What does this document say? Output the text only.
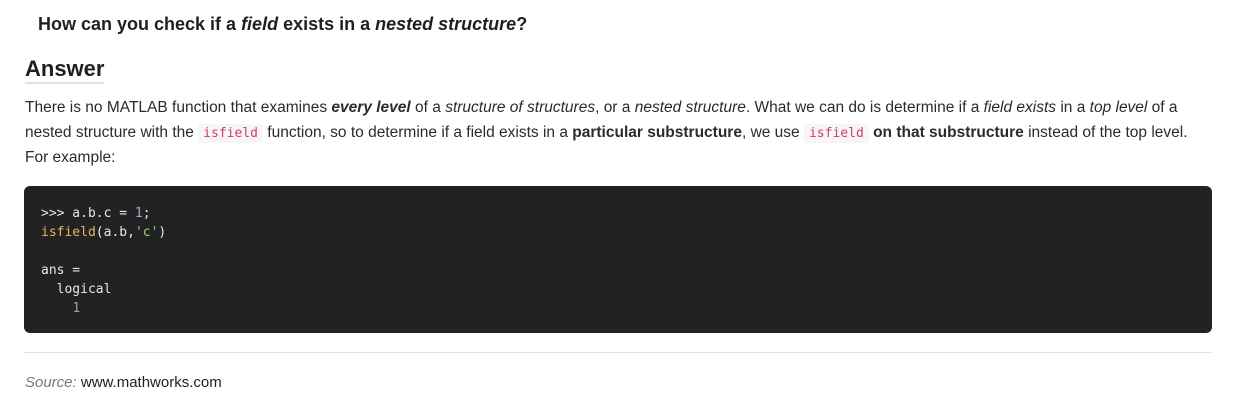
How can you check if a field exists in a nested structure?
Answer

There is no MATLAB function that examines every level of a structure of structures, or a nested structure. What we can do is determine if a field exists in a top level of a nested structure with the isfield function, so to determine if a field exists in a particular substructure, we use isfield on that substructure instead of the top level. For example:

>>> a.b.c = 1;
isfield(a.b,'c')
ans =
logical
1
Source: www.mathworks.com
